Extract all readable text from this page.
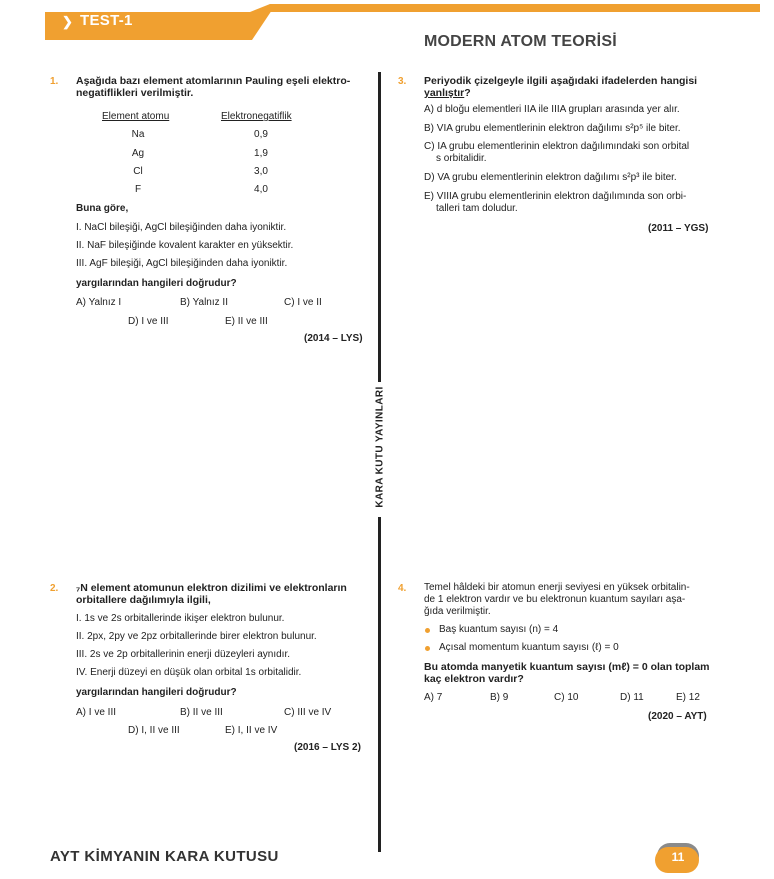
❯ TEST-1
MODERN ATOM TEORİSİ
KARA KUTU YAYINLARI
1. Aşağıda bazı element atomlarının Pauling eşeli elektro-
negatiflikleri verilmiştir.
Element atomu	Elektronegatiflik
Na	0,9
Ag	1,9
Cl	3,0
F	4,0
Buna göre,
I. NaCl bileşiği, AgCl bileşiğinden daha iyoniktir.
II. NaF bileşiğinde kovalent karakter en yüksektir.
III. AgF bileşiği, AgCl bileşiğinden daha iyoniktir.
yargılarından hangileri doğrudur?
A) Yalnız I	B) Yalnız II	C) I ve II
D) I ve III	E) II ve III
(2014 – LYS)
3. Periyodik çizelgeyle ilgili aşağıdaki ifadelerden hangisi
yanlıştır?
A) d bloğu elementleri IIA ile IIIA grupları arasında yer alır.
B) VIA grubu elementlerinin elektron dağılımı s²p⁵ ile biter.
C) IA grubu elementlerinin elektron dağılımındaki son orbital
s orbitalidir.
D) VA grubu elementlerinin elektron dağılımı s²p³ ile biter.
E) VIIIA grubu elementlerinin elektron dağılımında son orbi-
talleri tam doludur.
(2011 – YGS)
2. ₇N element atomunun elektron dizilimi ve elektronların
orbitallere dağılımıyla ilgili,
I. 1s ve 2s orbitallerinde ikişer elektron bulunur.
II. 2px, 2py ve 2pz orbitallerinde birer elektron bulunur.
III. 2s ve 2p orbitallerinin enerji düzeyleri aynıdır.
IV. Enerji düzeyi en düşük olan orbital 1s orbitalidir.
yargılarından hangileri doğrudur?
A) I ve III	B) II ve III	C) III ve IV
D) I, II ve III	E) I, II ve IV
(2016 – LYS 2)
4. Temel hâldeki bir atomun enerji seviyesi en yüksek orbitalin-
de 1 elektron vardır ve bu elektronun kuantum sayıları aşa-
ğıda verilmiştir.
Baş kuantum sayısı (n) = 4
Açısal momentum kuantum sayısı (ℓ) = 0
Bu atomda manyetik kuantum sayısı (mℓ) = 0 olan toplam
kaç elektron vardır?
A) 7	B) 9	C) 10	D) 11	E) 12
(2020 – AYT)
AYT KİMYANIN KARA KUTUSU	11
